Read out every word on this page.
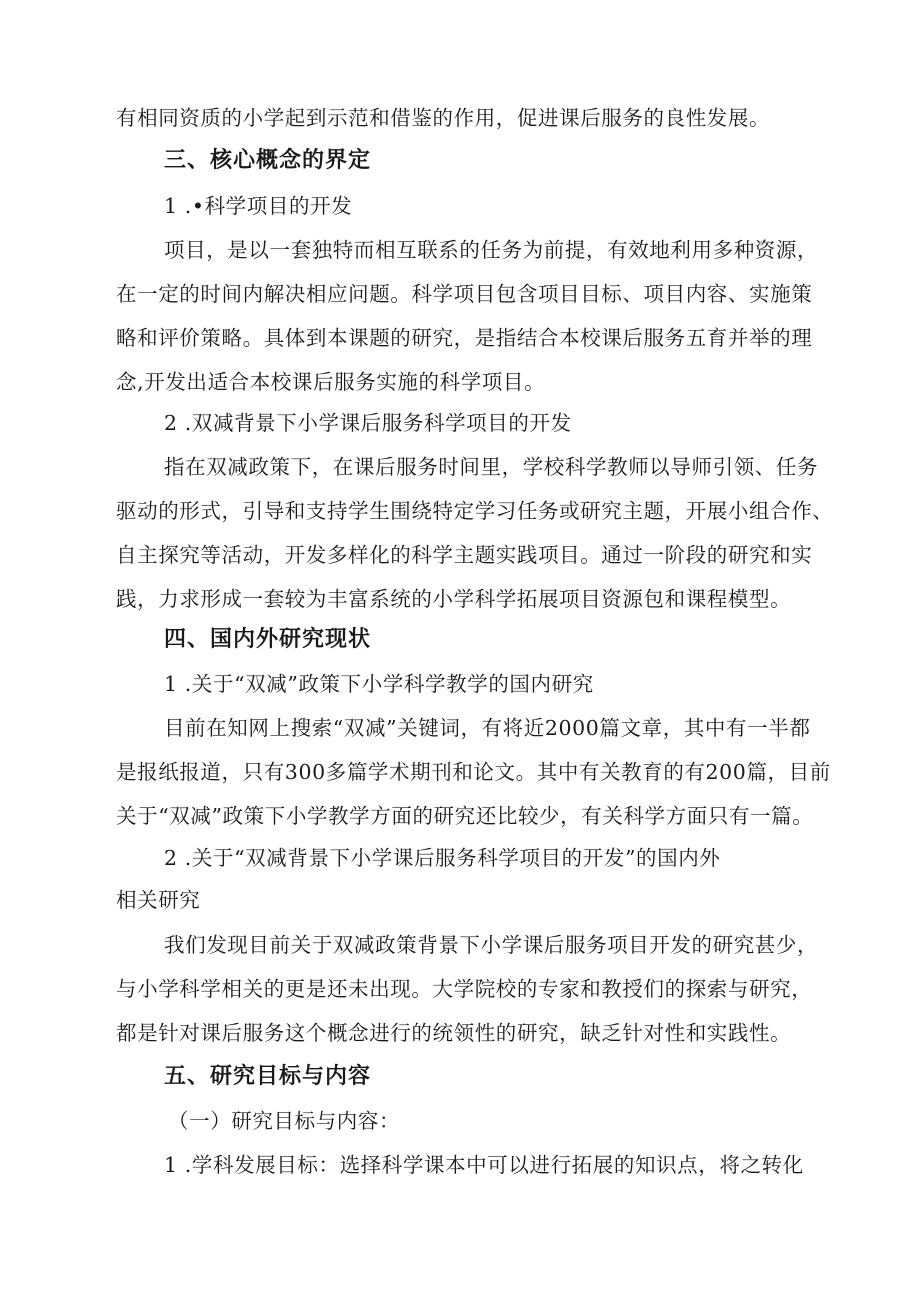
有相同资质的小学起到示范和借鉴的作用，促进课后服务的良性发展。
三、核心概念的界定
1 .•科学项目的开发
项目，是以一套独特而相互联系的任务为前提，有效地利用多种资源，
在一定的时间内解决相应问题。科学项目包含项目目标、项目内容、实施策
略和评价策略。具体到本课题的研究，是指结合本校课后服务五育并举的理
念,开发出适合本校课后服务实施的科学项目。
2 .双减背景下小学课后服务科学项目的开发
指在双减政策下，在课后服务时间里，学校科学教师以导师引领、任务
驱动的形式，引导和支持学生围绕特定学习任务或研究主题，开展小组合作、
自主探究等活动，开发多样化的科学主题实践项目。通过一阶段的研究和实
践，力求形成一套较为丰富系统的小学科学拓展项目资源包和课程模型。
四、国内外研究现状
1 .关于“双减”政策下小学科学教学的国内研究
目前在知网上搜索“双减”关键词，有将近2000篇文章，其中有一半都
是报纸报道，只有300多篇学术期刊和论文。其中有关教育的有200篇，目前
关于“双减”政策下小学教学方面的研究还比较少，有关科学方面只有一篇。
2 .关于“双减背景下小学课后服务科学项目的开发”的国内外
相关研究
我们发现目前关于双减政策背景下小学课后服务项目开发的研究甚少，
与小学科学相关的更是还未出现。大学院校的专家和教授们的探索与研究，
都是针对课后服务这个概念进行的统领性的研究，缺乏针对性和实践性。
五、研究目标与内容
（一）研究目标与内容：
1 .学科发展目标：选择科学课本中可以进行拓展的知识点，将之转化
